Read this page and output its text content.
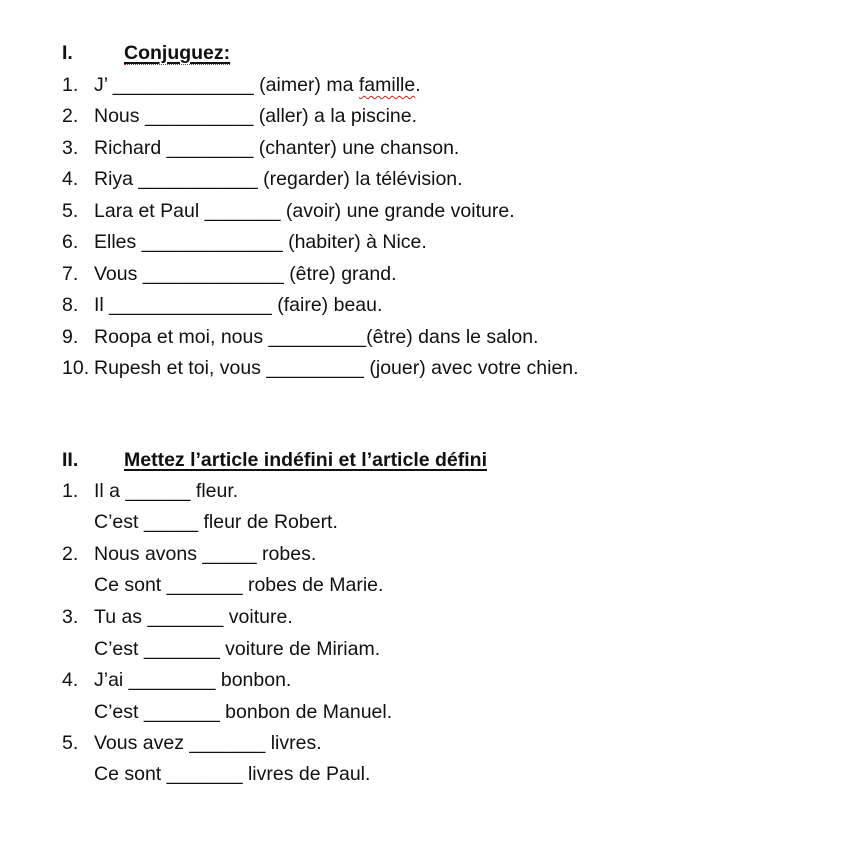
I.	Conjuguez:
1. J’ _____________ (aimer) ma famille.
2. Nous __________ (aller) a la piscine.
3. Richard ________ (chanter) une chanson.
4. Riya ___________ (regarder) la télévision.
5. Lara et Paul _______ (avoir) une grande voiture.
6. Elles _____________ (habiter) à Nice.
7. Vous _____________ (être) grand.
8. Il _______________ (faire) beau.
9. Roopa et moi, nous _________(être) dans le salon.
10. Rupesh et toi, vous _________ (jouer) avec votre chien.
II. Mettez l’article indéfini et l’article défini
1. Il a ______ fleur.
C’est _____ fleur de Robert.
2. Nous avons _____ robes.
Ce sont _______ robes de Marie.
3. Tu as _______ voiture.
C’est _______ voiture de Miriam.
4. J’ai ________ bonbon.
C’est _______ bonbon de Manuel.
5. Vous avez _______ livres.
Ce sont _______ livres de Paul.
